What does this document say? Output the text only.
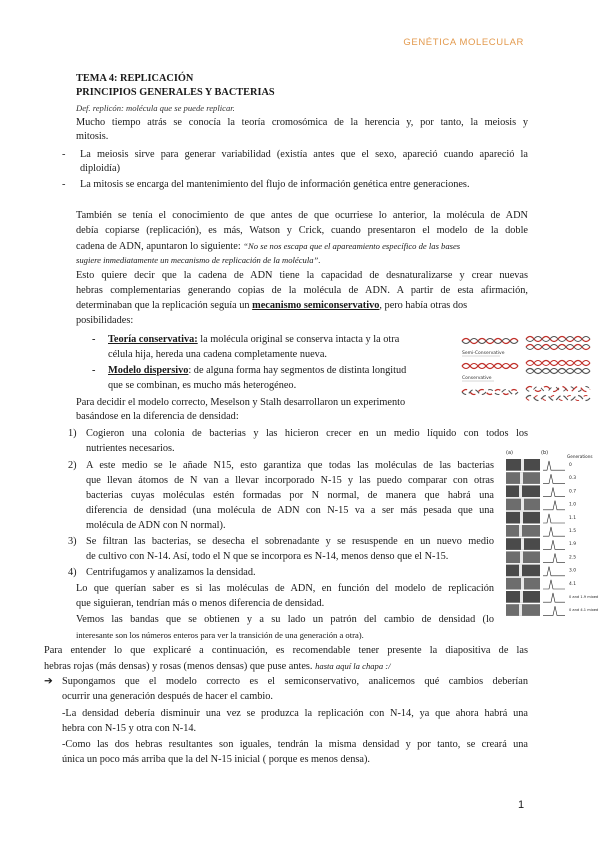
GENÉTICA MOLECULAR
TEMA 4: REPLICACIÓN
PRINCIPIOS GENERALES Y BACTERIAS
Def. replicón: molécula que se puede replicar.
Mucho tiempo atrás se conocía la teoría cromosómica de la herencia y, por tanto, la meiosis y
mitosis.
- La meiosis sirve para generar variabilidad (existía antes que el sexo, apareció cuando apareció la
diploidía)
- La mitosis se encarga del mantenimiento del flujo de información genética entre generaciones.
También se tenía el conocimiento de que antes de que ocurriese lo anterior, la molécula de ADN
debía copiarse (replicación), es más, Watson y Crick, cuando presentaron el modelo de la doble
cadena de ADN, apuntaron lo siguiente: “No se nos escapa que el apareamiento específico de las bases
sugiere inmediatamente un mecanismo de replicación de la molécula”.
Esto quiere decir que la cadena de ADN tiene la capacidad de desnaturalizarse y crear nuevas
hebras complementarias generando copias de la molécula de ADN. A partir de esta afirmación,
determinaban que la replicación seguía un mecanismo semiconservativo, pero había otras dos
posibilidades:
- Teoría conservativa: la molécula original se conserva intacta y la otra
célula hija, hereda una cadena completamente nueva.
- Modelo dispersivo: de alguna forma hay segmentos de distinta longitud
que se combinan, es mucho más heterogéneo.
Para decidir el modelo correcto, Meselson y Stalh desarrollaron un experimento
basándose en la diferencia de densidad:
1) Cogieron una colonia de bacterias y las hicieron crecer en un medio líquido con todos los
nutrientes necesarios.
2) A este medio se le añade N15, esto garantiza que todas las moléculas de las bacterias
que llevan átomos de N van a llevar incorporado N-15 y las puedo comparar con otras
bacterias cuyas moléculas estén formadas por N normal, de manera que habrá una
diferencia de densidad (una molécula de ADN con N-15 va a ser más pesada que una
molécula de ADN con N normal).
3) Se filtran las bacterias, se desecha el sobrenadante y se resuspende en un nuevo medio
de cultivo con N-14. Así, todo el N que se incorpora es N-14, menos denso que el N-15.
4) Centrifugamos y analizamos la densidad.
Lo que querían saber es si las moléculas de ADN, en función del modelo de replicación
que siguieran, tendrían más o menos diferencia de densidad.
Vemos las bandas que se obtienen y a su lado un patrón del cambio de densidad (lo
interesante son los números enteros para ver la transición de una generación a otra).
Para entender lo que explicaré a continuación, es recomendable tener presente la diapositiva de las
hebras rojas (más densas) y rosas (menos densas) que puse antes. hasta aquí la chapa :/
➔ Supongamos que el modelo correcto es el semiconservativo, analicemos qué cambios deberían
ocurrir una generación después de hacer el cambio.
-La densidad debería disminuir una vez se produzca la replicación con N-14, ya que ahora habrá una
hebra con N-15 y otra con N-14.
-Como las dos hebras resultantes son iguales, tendrán la misma densidad y por tanto, se creará una
única un poco más arriba que la del N-15 inicial ( porque es menos densa).
Semi-Conservative
Conservative
(a)	(b)
Generations
0
0.3
0.7
1.0
1.1
1.5
1.9
2.5
3.0
4.1
0 and 1.9 mixed
0 and 4.1 mixed
1
